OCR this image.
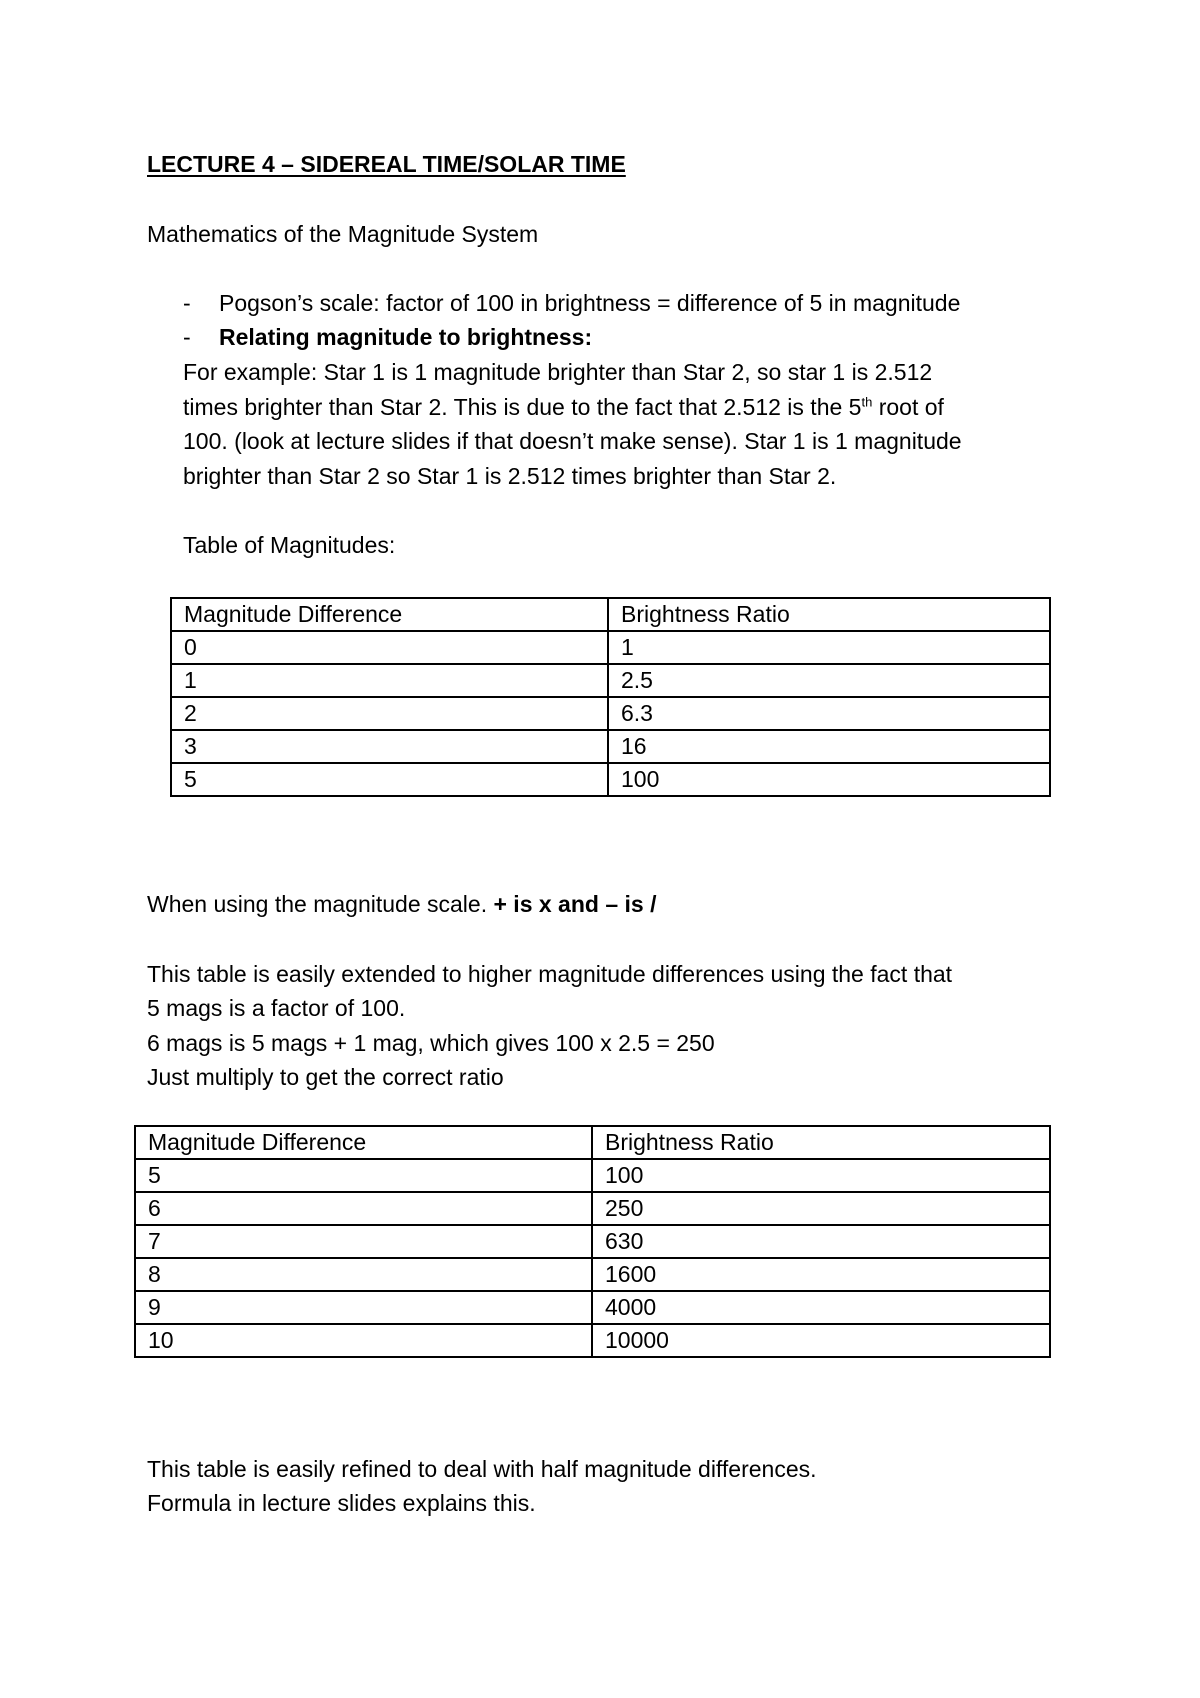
LECTURE 4 – SIDEREAL TIME/SOLAR TIME

Mathematics of the Magnitude System

- Pogson’s scale: factor of 100 in brightness = difference of 5 in magnitude
- Relating magnitude to brightness:

For example: Star 1 is 1 magnitude brighter than Star 2, so star 1 is 2.512

times brighter than Star 2. This is due to the fact that 2.512 is the 5th root of

100. (look at lecture slides if that doesn’t make sense). Star 1 is 1 magnitude

brighter than Star 2 so Star 1 is 2.512 times brighter than Star 2.

Table of Magnitudes:

Magnitude Difference	Brightness Ratio
0	1
1	2.5
2	6.3
3	16
5	100

When using the magnitude scale. + is x and – is /

This table is easily extended to higher magnitude differences using the fact that

5 mags is a factor of 100.

6 mags is 5 mags + 1 mag, which gives 100 x 2.5 = 250

Just multiply to get the correct ratio

Magnitude Difference	Brightness Ratio
5	100
6	250
7	630
8	1600
9	4000
10	10000

This table is easily refined to deal with half magnitude differences.

Formula in lecture slides explains this.
